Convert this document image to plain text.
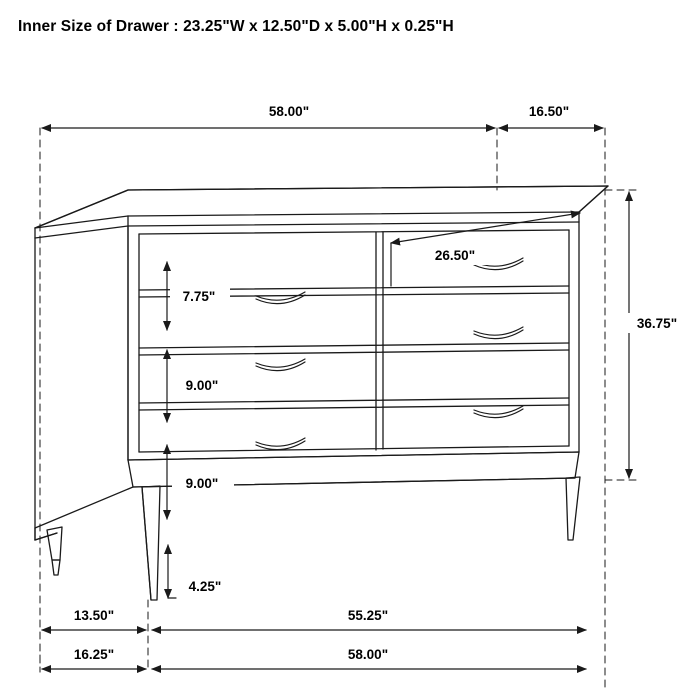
Inner Size of Drawer : 23.25"W x 12.50"D x 5.00"H x 0.25"H
58.00"	16.50"
36.75"
26.50"
7.75"
9.00"
9.00"
4.25"
13.50"	55.25"
16.25"	58.00"
